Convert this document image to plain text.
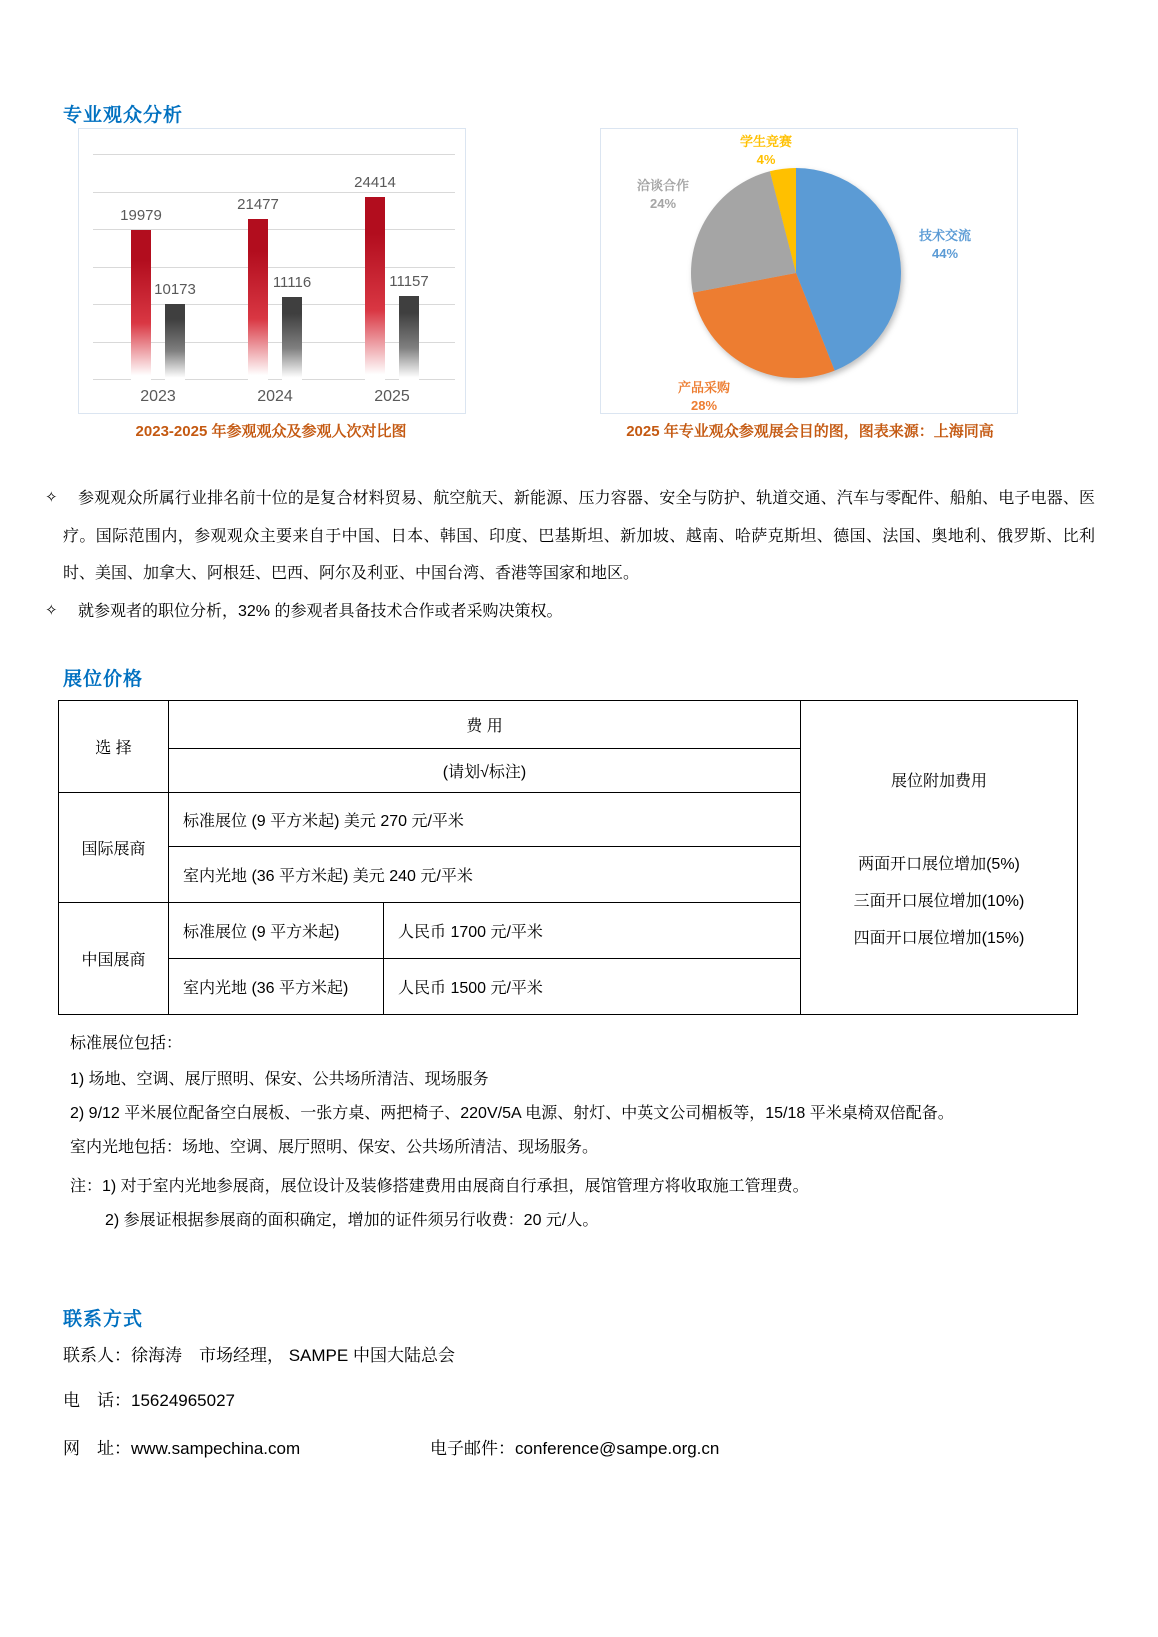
专业观众分析
19979
10173
2023
21477
11116
2024
24414
11157
2025
技术交流
44%
产品采购
28%
洽谈合作
24%
学生竞赛
4%
2023-2025 年参观观众及参观人次对比图	2025 年专业观众参观展会目的图，图表来源：上海同高
✧	参观观众所属行业排名前十位的是复合材料贸易、航空航天、新能源、压力容器、安全与防护、轨道交通、汽车与零配件、船舶、电子电器、医疗。国际范围内，参观观众主要来自于中国、日本、韩国、印度、巴基斯坦、新加坡、越南、哈萨克斯坦、德国、法国、奥地利、俄罗斯、比利时、美国、加拿大、阿根廷、巴西、阿尔及利亚、中国台湾、香港等国家和地区。

✧	就参观者的职位分析，32% 的参观者具备技术合作或者采购决策权。

展位价格
选 择	费 用		展位附加费用
两面开口展位增加(5%)
三面开口展位增加(10%)
四面开口展位增加(15%)

	(请划√标注)		
国际展商	标准展位 (9 平方米起) 美元 270 元/平米		
	室内光地 (36 平方米起) 美元 240 元/平米		
中国展商	标准展位 (9 平方米起)	人民币 1700 元/平米	
	室内光地 (36 平方米起)	人民币 1500 元/平米	
标准展位包括：
1) 场地、空调、展厅照明、保安、公共场所清洁、现场服务
2) 9/12 平米展位配备空白展板、一张方桌、两把椅子、220V/5A 电源、射灯、中英文公司楣板等，15/18 平米桌椅双倍配备。
室内光地包括：场地、空调、展厅照明、保安、公共场所清洁、现场服务。
注：1) 对于室内光地参展商，展位设计及装修搭建费用由展商自行承担，展馆管理方将收取施工管理费。
2) 参展证根据参展商的面积确定，增加的证件须另行收费：20 元/人。
联系方式
联系人：徐海涛　市场经理， SAMPE 中国大陆总会
电　话：15624965027
网　址：www.sampechina.com	电子邮件：conference@sampe.org.cn
